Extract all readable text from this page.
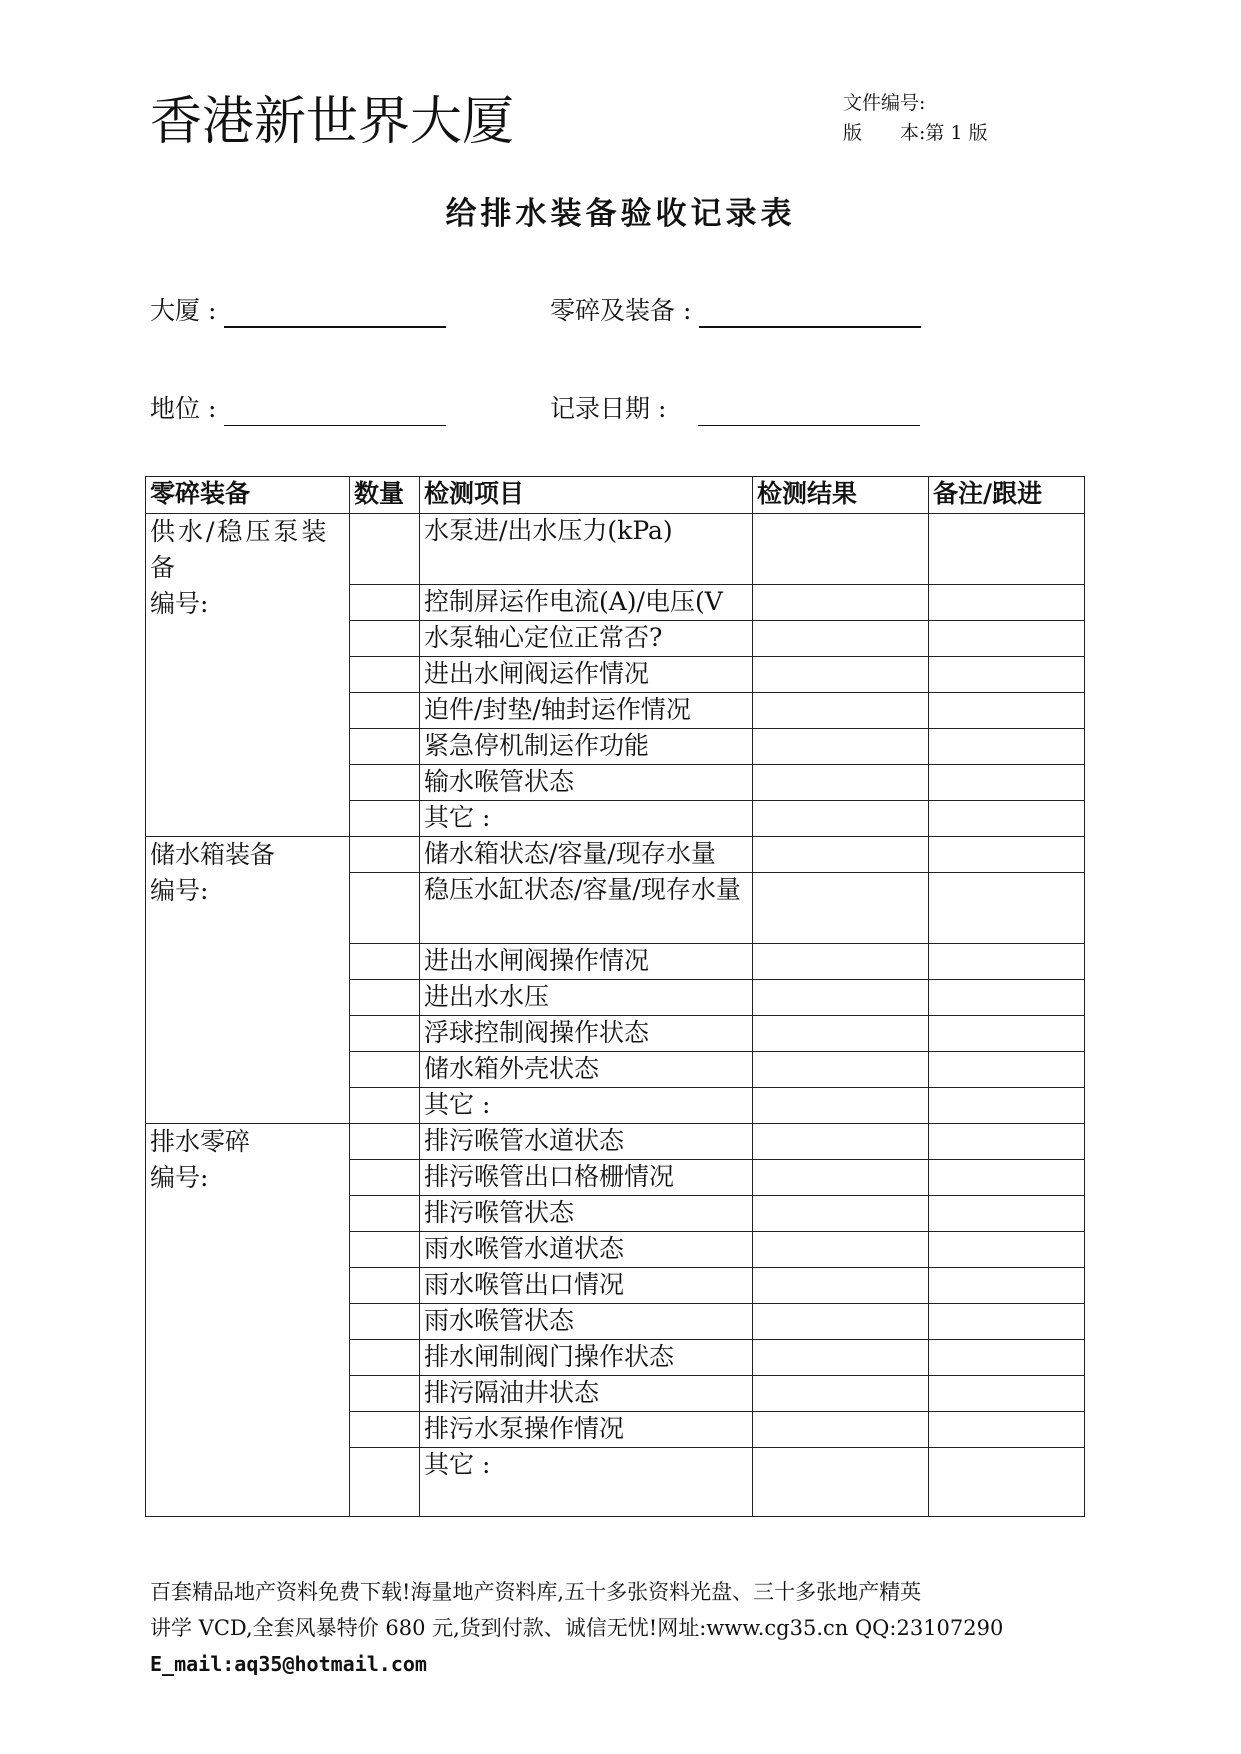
香港新世界大厦	文件编号:
版　　本:第 1 版
给排水装备验收记录表
大厦 :	零碎及装备 :
地位 :	记录日期 :
零碎装备	数量	检测项目	检测结果	备注/跟进

供水/稳压泵装备
编号:		水泵进/出水压力(kPa)		
		控制屏运作电流(A)/电压(V		
		水泵轴心定位正常否?		
		进出水闸阀运作情况		
		迫件/封垫/轴封运作情况		
		紧急停机制运作功能		
		输水喉管状态		
		其它 :		

储水箱装备
编号:		储水箱状态/容量/现存水量		
		稳压水缸状态/容量/现存水量		
		进出水闸阀操作情况		
		进出水水压		
		浮球控制阀操作状态		
		储水箱外壳状态		
		其它 :		

排水零碎
编号:		排污喉管水道状态		
		排污喉管出口格栅情况		
		排污喉管状态		
		雨水喉管水道状态		
		雨水喉管出口情况		
		雨水喉管状态		
		排水闸制阀门操作状态		
		排污隔油井状态		
		排污水泵操作情况		
		其它 :		
百套精品地产资料免费下载!海量地产资料库,五十多张资料光盘、三十多张地产精英
讲学 VCD,全套风暴特价 680 元,货到付款、诚信无忧!网址:www.cg35.cn QQ:23107290
E_mail:aq35@hotmail.com
